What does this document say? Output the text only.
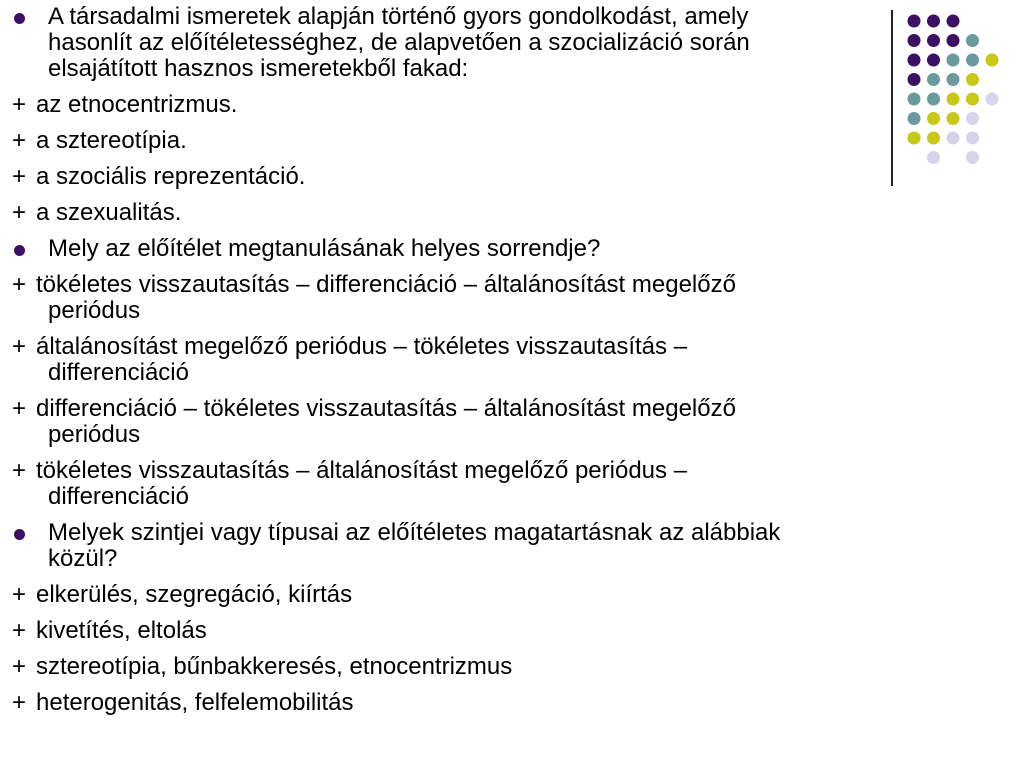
A társadalmi ismeretek alapján történő gyors gondolkodást, amely
hasonlít az előítéletességhez, de alapvetően a szocializáció során
elsajátított hasznos ismeretekből fakad:
+ az etnocentrizmus.
+ a sztereotípia.
+ a szociális reprezentáció.
+ a szexualitás.
Mely az előítélet megtanulásának helyes sorrendje?
+ tökéletes visszautasítás – differenciáció – általánosítást megelőző
periódus
+ általánosítást megelőző periódus – tökéletes visszautasítás –
differenciáció
+ differenciáció – tökéletes visszautasítás – általánosítást megelőző
periódus
+ tökéletes visszautasítás – általánosítást megelőző periódus –
differenciáció
Melyek szintjei vagy típusai az előítéletes magatartásnak az alábbiak
közül?
+ elkerülés, szegregáció, kiírtás
+ kivetítés, eltolás
+ sztereotípia, bűnbakkeresés, etnocentrizmus
+ heterogenitás, felfelemobilitás
